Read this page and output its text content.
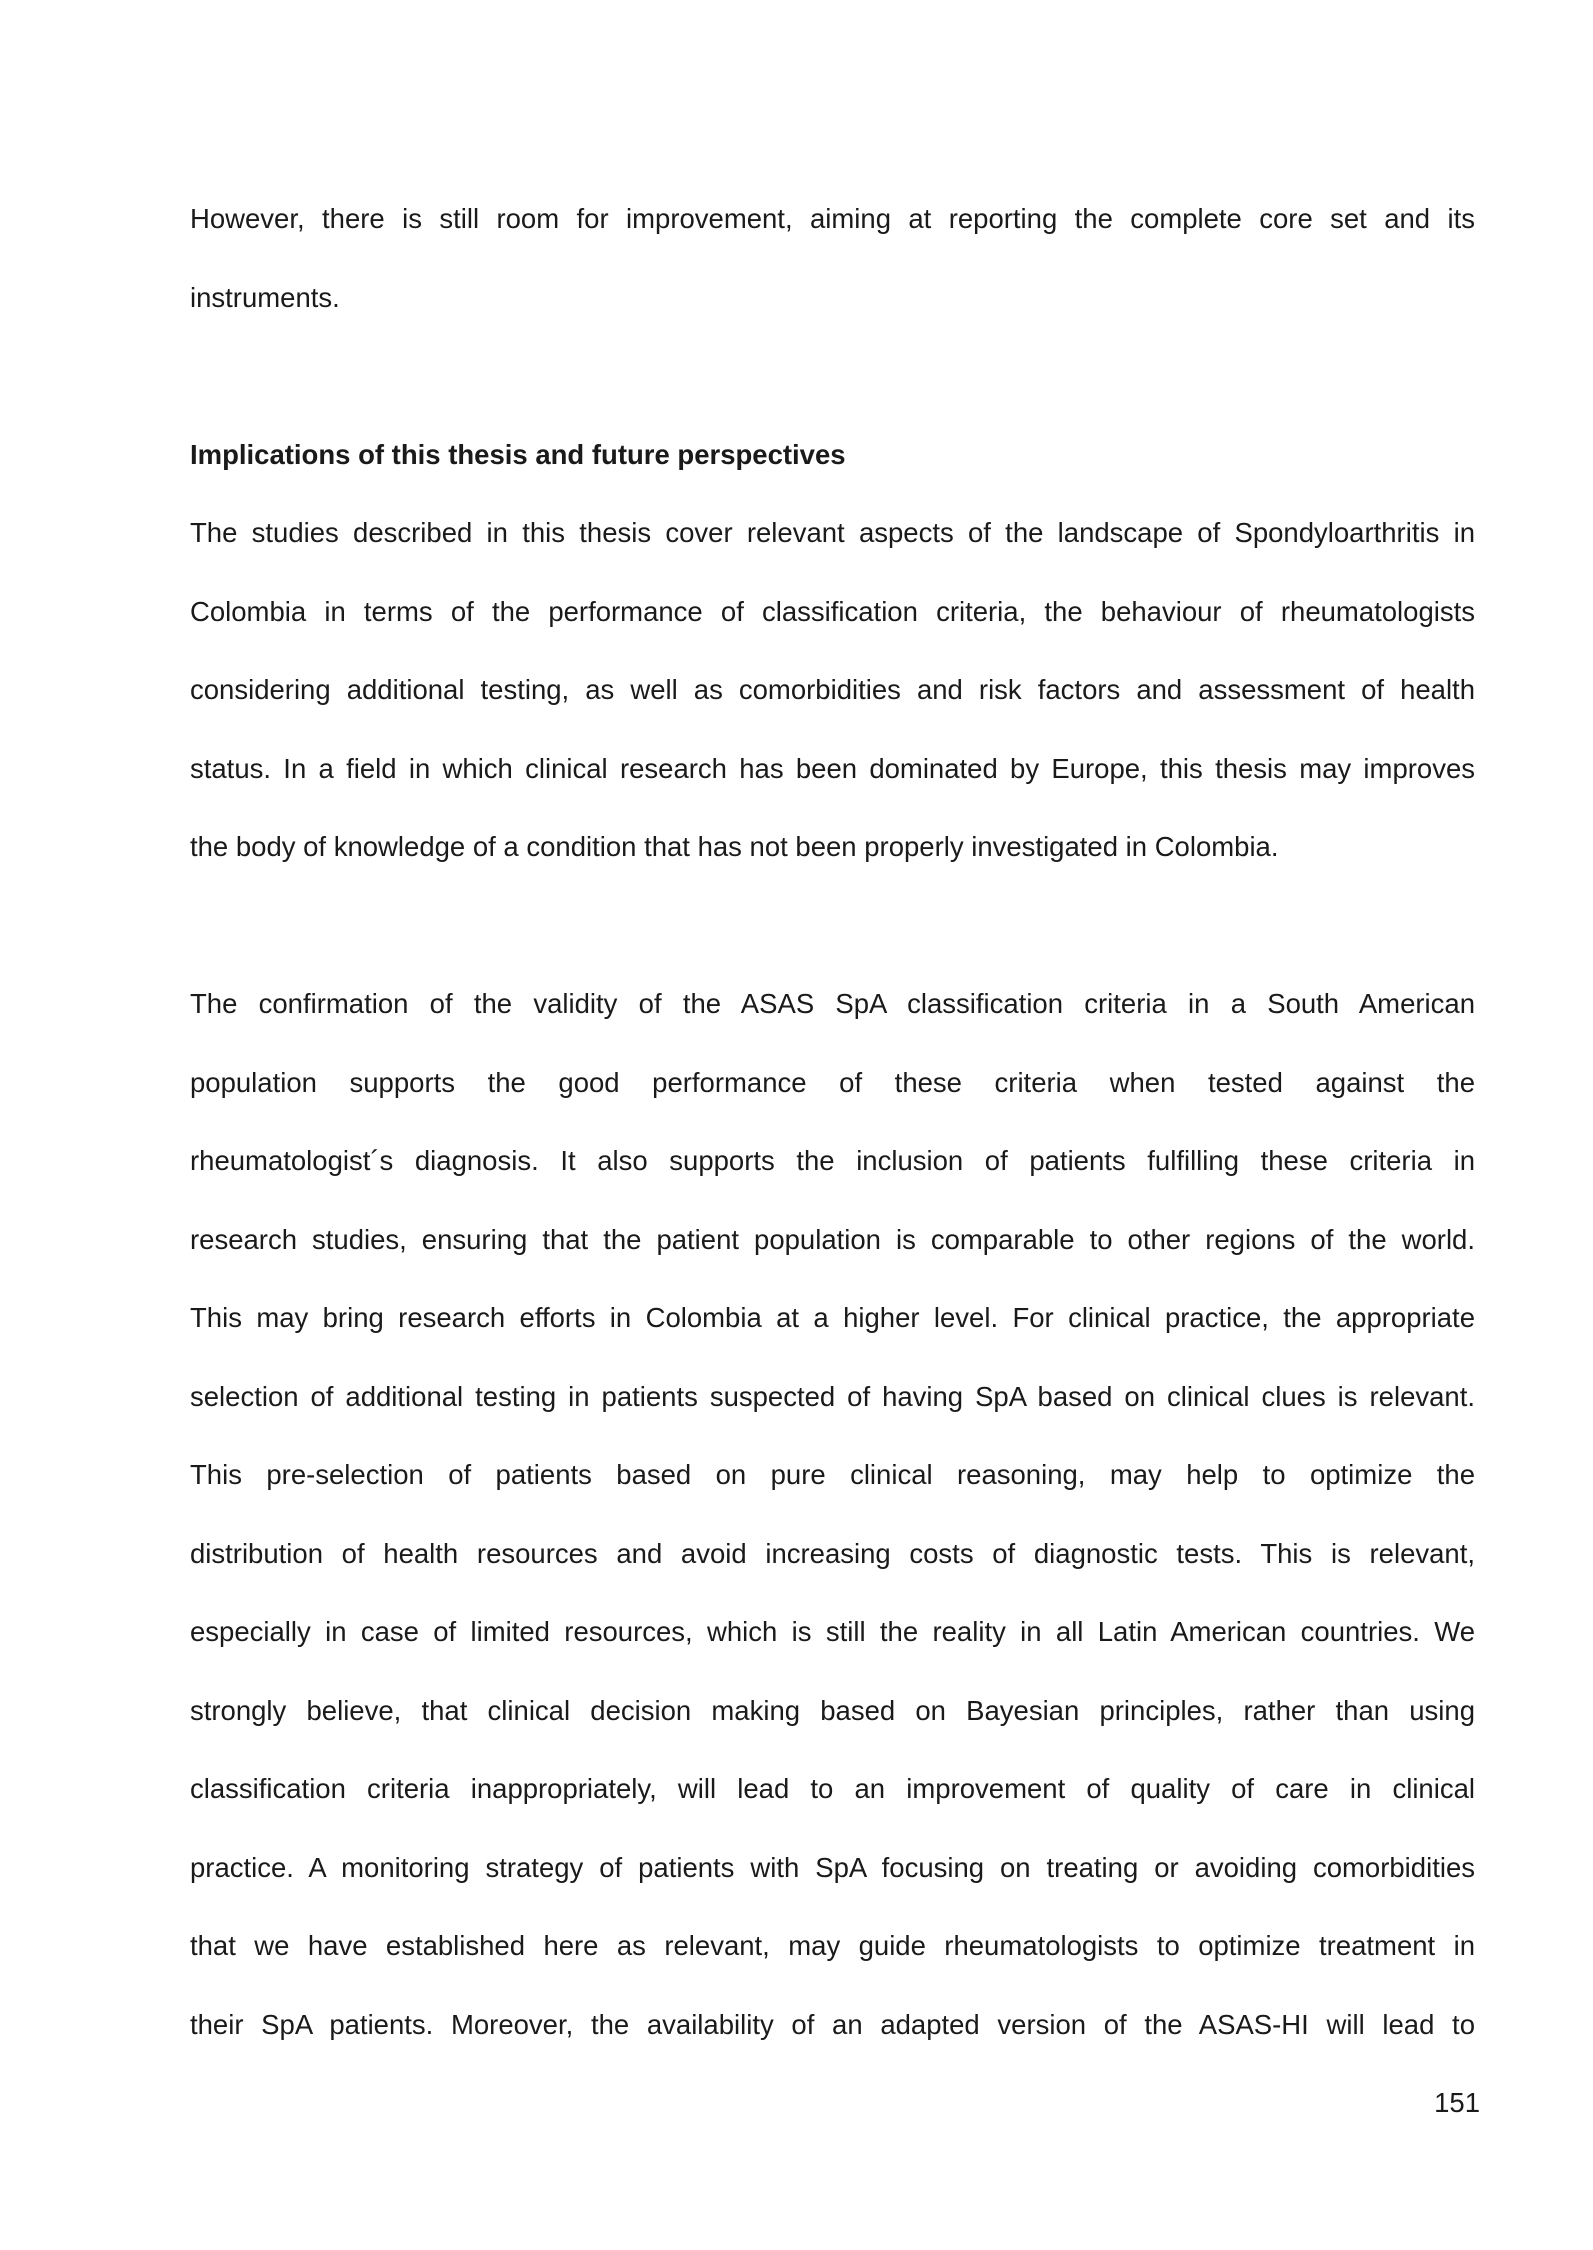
However, there is still room for improvement, aiming at reporting the complete core set and its
instruments.
Implications of this thesis and future perspectives
The studies described in this thesis cover relevant aspects of the landscape of Spondyloarthritis in
Colombia in terms of the performance of classification criteria, the behaviour of rheumatologists
considering additional testing, as well as comorbidities and risk factors and assessment of health
status. In a field in which clinical research has been dominated by Europe, this thesis may improves
the body of knowledge of a condition that has not been properly investigated in Colombia.
The confirmation of the validity of the ASAS SpA classification criteria in a South American
population supports the good performance of these criteria when tested against the
rheumatologist´s diagnosis. It also supports the inclusion of patients fulfilling these criteria in
research studies, ensuring that the patient population is comparable to other regions of the world.
This may bring research efforts in Colombia at a higher level. For clinical practice, the appropriate
selection of additional testing in patients suspected of having SpA based on clinical clues is relevant.
This pre-selection of patients based on pure clinical reasoning, may help to optimize the
distribution of health resources and avoid increasing costs of diagnostic tests. This is relevant,
especially in case of limited resources, which is still the reality in all Latin American countries. We
strongly believe, that clinical decision making based on Bayesian principles, rather than using
classification criteria inappropriately, will lead to an improvement of quality of care in clinical
practice. A monitoring strategy of patients with SpA focusing on treating or avoiding comorbidities
that we have established here as relevant, may guide rheumatologists to optimize treatment in
their SpA patients. Moreover, the availability of an adapted version of the ASAS-HI will lead to
151
